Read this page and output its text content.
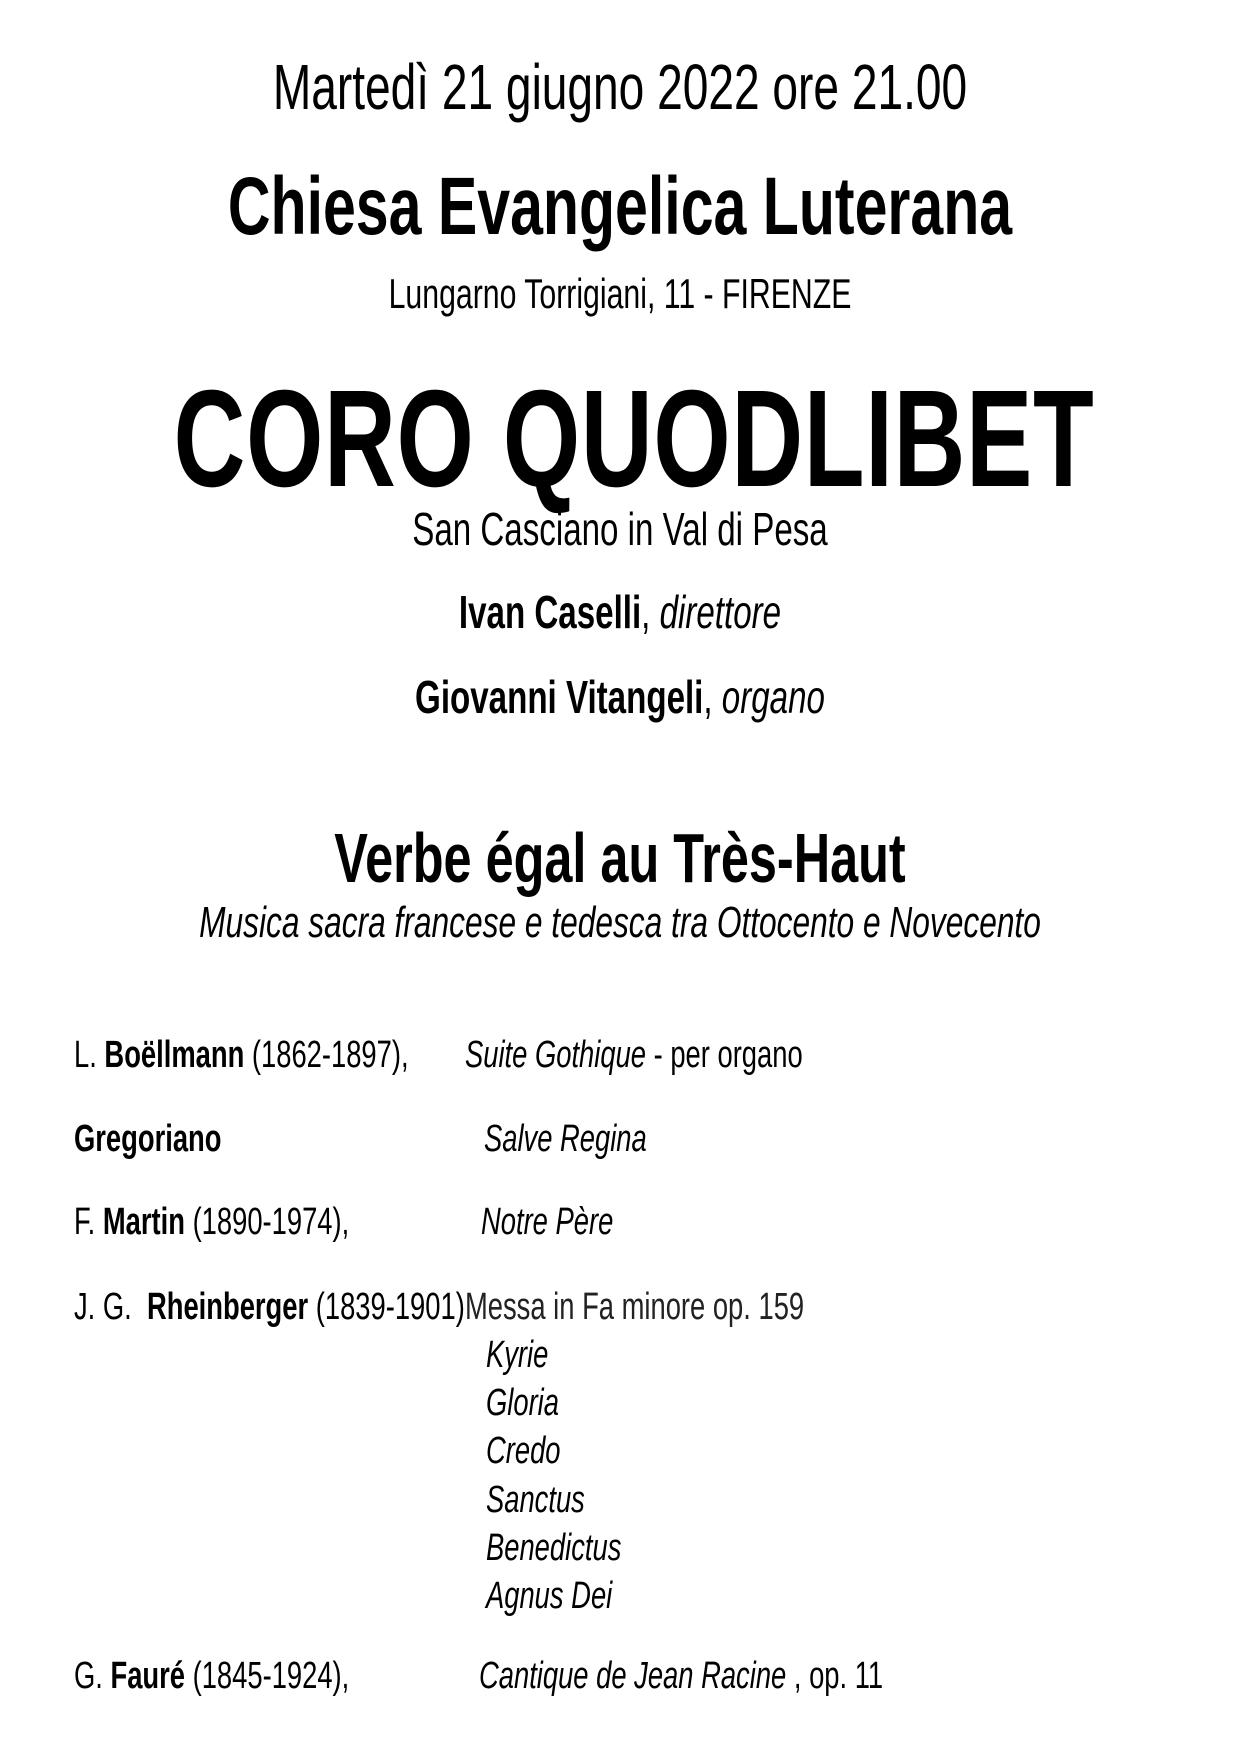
Martedì 21 giugno 2022 ore 21.00
Chiesa Evangelica Luterana
Lungarno Torrigiani, 11 - FIRENZE
CORO QUODLIBET
San Casciano in Val di Pesa
Ivan Caselli, direttore
Giovanni Vitangeli, organo
Verbe égal au Très-Haut
Musica sacra francese e tedesca tra Ottocento e Novecento
L. Boëllmann (1862-1897), Suite Gothique - per organo
Gregoriano	Salve Regina
F. Martin (1890-1974),	Notre Père
J. G. Rheinberger (1839-1901) Messa in Fa minore op. 159
Kyrie
Gloria
Credo
Sanctus
Benedictus
Agnus Dei
G. Fauré (1845-1924),	Cantique de Jean Racine , op. 11
